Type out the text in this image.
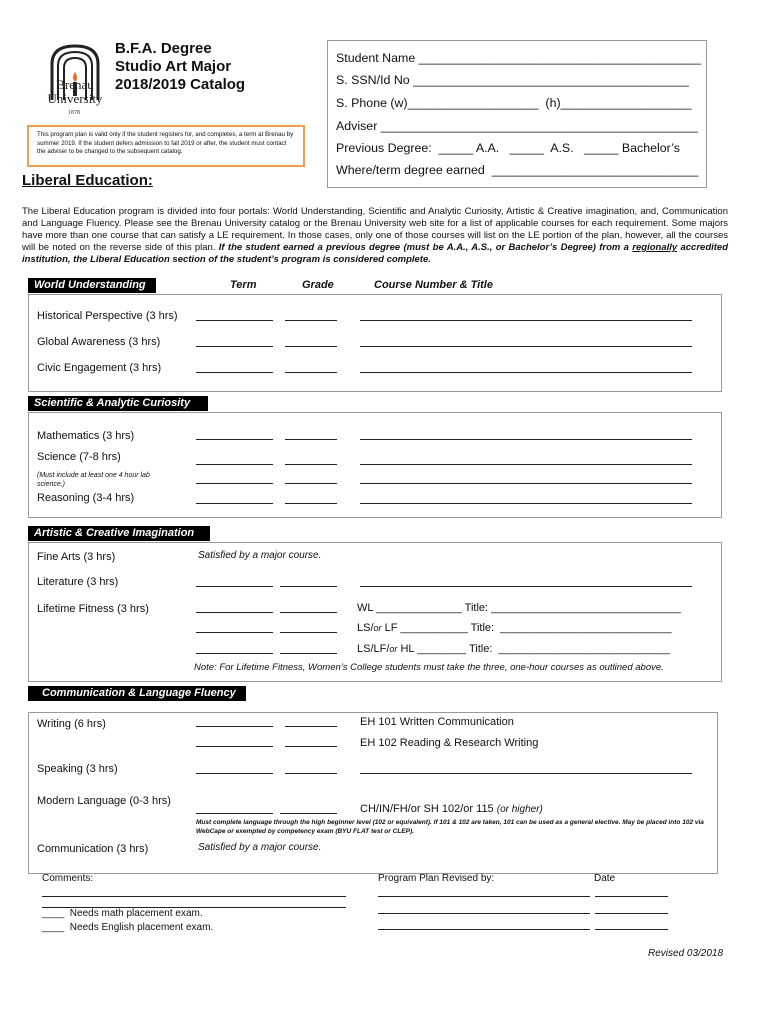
Brenau
University
1878
B.F.A. Degree
Studio Art Major
2018/2019 Catalog
This program plan is valid only if the student registers for, and completes, a term at Brenau by summer 2019. If the student defers admission to fall 2019 or after, the student must contact the adviser to be changed to the subsequent catalog.
Student Name _________________________________________
S. SSN/Id No ________________________________________
S. Phone (w)___________________  (h)___________________
Adviser ______________________________________________
Previous Degree:  _____ A.A.   _____  A.S.   _____ Bachelor’s
Where/term degree earned  ______________________________
Liberal Education:
The Liberal Education program is divided into four portals: World Understanding, Scientific and Analytic Curiosity, Artistic & Creative imagination, and, Communication and Language Fluency. Please see the Brenau University catalog or the Brenau University web site for a list of applicable courses for each requirement. Some majors have more than one course that can satisfy a LE requirement. In those cases, only one of those courses will list on the LE portion of the plan, however, all the courses will be noted on the reverse side of this plan. If the student earned a previous degree (must be A.A., A.S., or Bachelor’s Degree) from a regionally accredited institution, the Liberal Education section of the student’s program is considered complete.
World Understanding	Term	Grade	Course Number & Title
Historical Perspective (3 hrs)
Global Awareness (3 hrs)
Civic Engagement (3 hrs)
Scientific & Analytic Curiosity
Mathematics (3 hrs)
Science (7-8 hrs)
(Must include at least one 4 hour lab science.)
Reasoning (3-4 hrs)
Artistic & Creative Imagination
Fine Arts (3 hrs)	Satisfied by a major course.
Literature (3 hrs)
Lifetime Fitness (3 hrs)	WL ______________ Title: _______________________________
LS/or LF ___________ Title:  ____________________________
LS/LF/or HL ________ Title:  ____________________________
Note: For Lifetime Fitness, Women’s College students must take the three, one-hour courses as outlined above.
Communication & Language Fluency
Writing (6 hrs)	EH 101 Written Communication
EH 102 Reading & Research Writing
Speaking (3 hrs)
Modern Language (0-3 hrs)
CH/IN/FH/or SH 102/or 115 (or higher)
Must complete language through the high beginner level (102 or equivalent). If 101 & 102 are taken, 101 can be used as a general elective. May be placed into 102 via WebCape or exempted by competency exam (BYU FLAT test or CLEP).
Communication (3 hrs)	Satisfied by a major course.
Comments:	Program Plan Revised by:	Date
____  Needs math placement exam.
____  Needs English placement exam.
Revised 03/2018
